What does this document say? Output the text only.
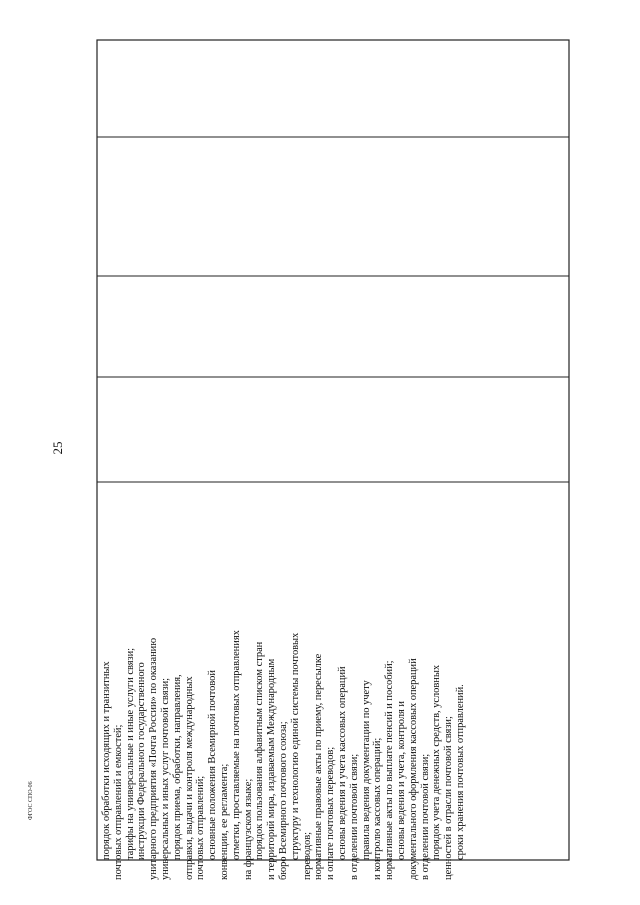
25
ФГОС СПО-06	порядок обработки исходящих и транзитных почтовых отправлений и емкостей; тарифы на универсальные и иные услуги связи; инструкции Федерального государственного унитарного предприятия «Почта России» по оказанию универсальных и иных услуг почтовой связи; порядок приема, обработки, направления, отправки, выдачи и контроля международных почтовых отправлений; основные положения Всемирной почтовой конвенции, ее регламента; отметки, проставляемые на почтовых отправлениях на французском языке; порядок пользования алфавитным списком стран и территорий мира, издаваемым Международным бюро Всемирного почтового союза; структуру и технологию единой системы почтовых переводов; нормативные правовые акты по приему, пересылке и оплате почтовых переводов; основы ведения и учета кассовых операций в отделении почтовой связи; правила ведения документации по учету и контролю кассовых операций; нормативные акты по выплате пенсий и пособий; основы ведения и учета, контроля и документального оформления кассовых операций в отделении почтовой связи; порядок учета денежных средств, условных ценностей в отрасли почтовой связи; сроки хранения почтовых отправлений.
